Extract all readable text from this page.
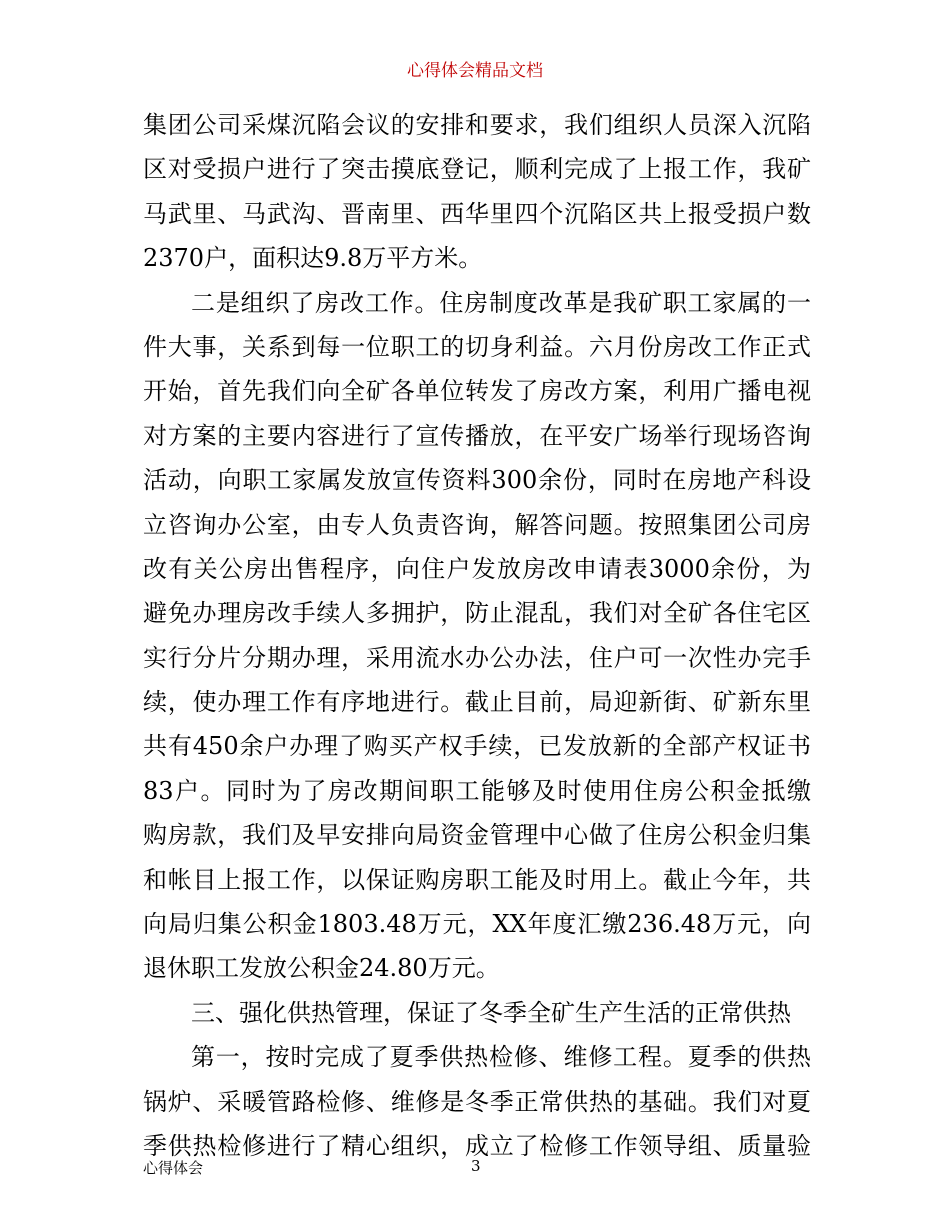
心得体会精品文档
集团公司采煤沉陷会议的安排和要求，我们组织人员深入沉陷
区对受损户进行了突击摸底登记，顺利完成了上报工作，我矿
马武里、马武沟、晋南里、西华里四个沉陷区共上报受损户数
2370户，面积达9.8万平方米。
二是组织了房改工作。住房制度改革是我矿职工家属的一
件大事，关系到每一位职工的切身利益。六月份房改工作正式
开始，首先我们向全矿各单位转发了房改方案，利用广播电视
对方案的主要内容进行了宣传播放，在平安广场举行现场咨询
活动，向职工家属发放宣传资料300余份，同时在房地产科设
立咨询办公室，由专人负责咨询，解答问题。按照集团公司房
改有关公房出售程序，向住户发放房改申请表3000余份，为
避免办理房改手续人多拥护，防止混乱，我们对全矿各住宅区
实行分片分期办理，采用流水办公办法，住户可一次性办完手
续，使办理工作有序地进行。截止目前，局迎新街、矿新东里
共有450余户办理了购买产权手续，已发放新的全部产权证书
83户。同时为了房改期间职工能够及时使用住房公积金抵缴
购房款，我们及早安排向局资金管理中心做了住房公积金归集
和帐目上报工作，以保证购房职工能及时用上。截止今年，共
向局归集公积金1803.48万元，XX年度汇缴236.48万元，向
退休职工发放公积金24.80万元。
三、强化供热管理，保证了冬季全矿生产生活的正常供热
第一，按时完成了夏季供热检修、维修工程。夏季的供热
锅炉、采暖管路检修、维修是冬季正常供热的基础。我们对夏
季供热检修进行了精心组织，成立了检修工作领导组、质量验
心得体会	3
